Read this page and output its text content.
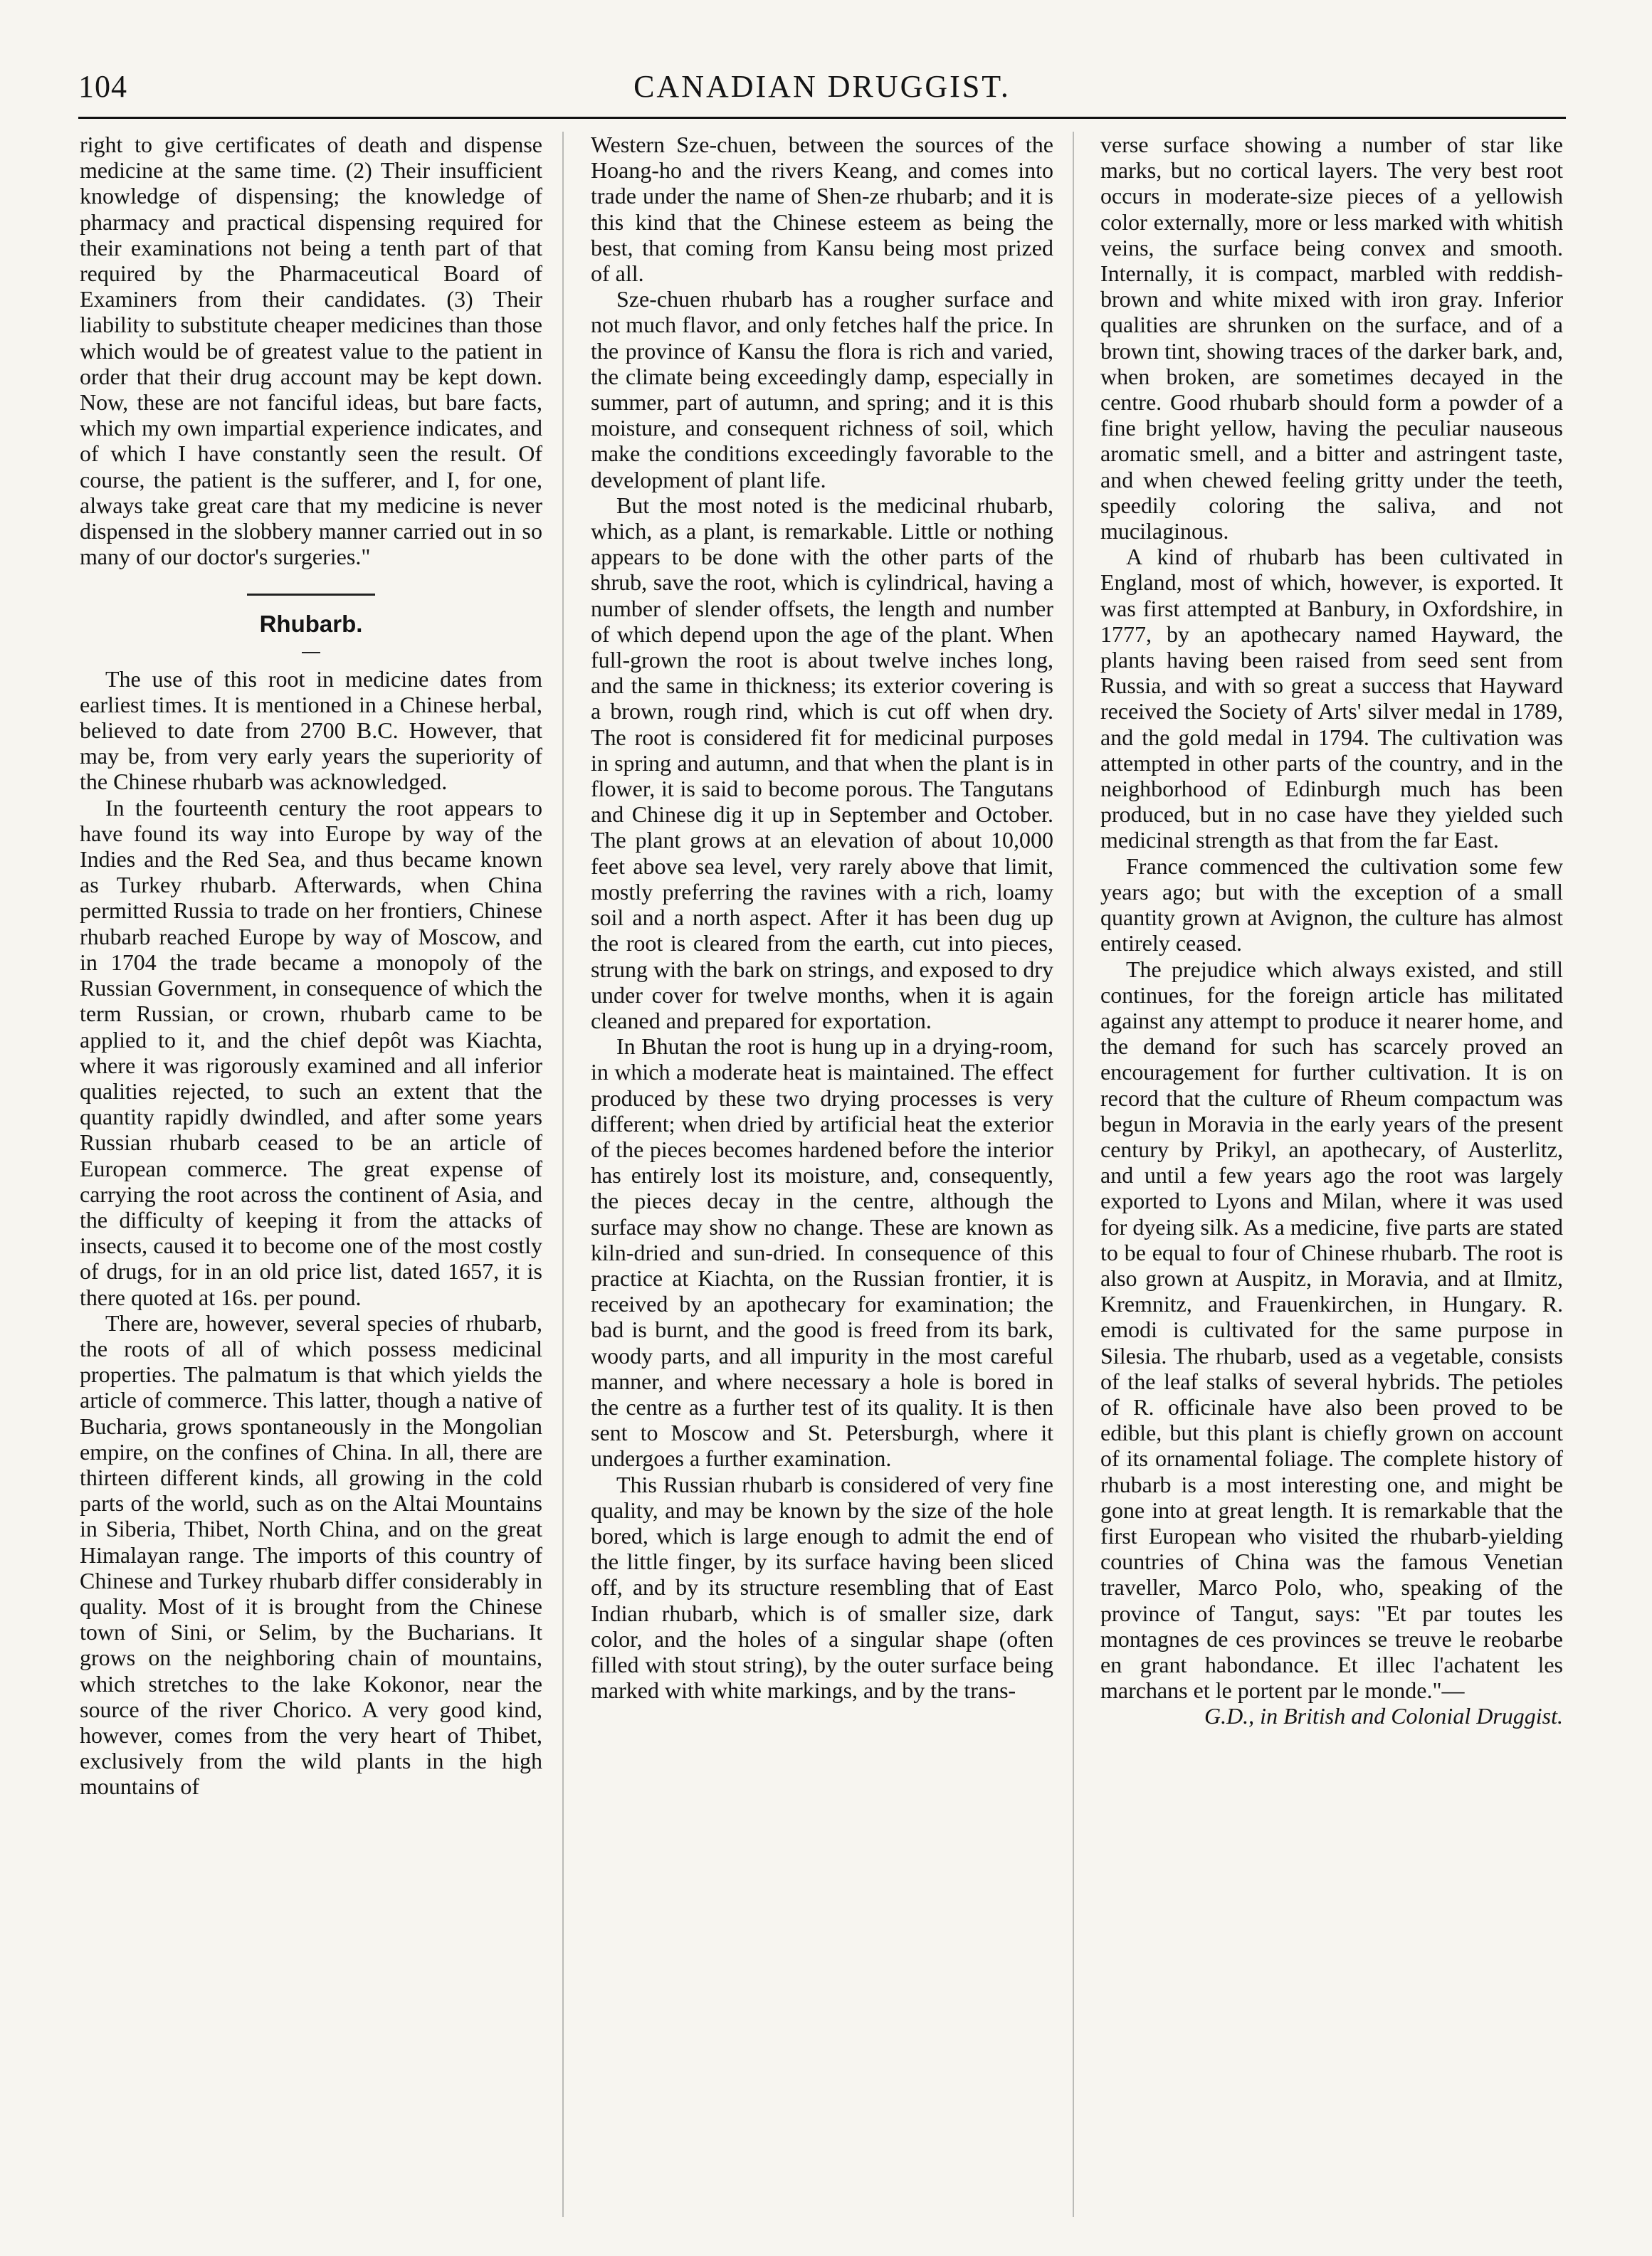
104	CANADIAN DRUGGIST.

right to give certificates of death and dispense medicine at the same time. (2) Their insufficient knowledge of dispensing; the knowledge of pharmacy and practical dispensing required for their examinations not being a tenth part of that required by the Pharmaceutical Board of Examiners from their candidates. (3) Their liability to substitute cheaper medicines than those which would be of greatest value to the patient in order that their drug account may be kept down. Now, these are not fanciful ideas, but bare facts, which my own impartial experience indicates, and of which I have constantly seen the result. Of course, the patient is the sufferer, and I, for one, always take great care that my medicine is never dispensed in the slobbery manner carried out in so many of our doctor's surgeries."

Rhubarb.

The use of this root in medicine dates from earliest times. It is mentioned in a Chinese herbal, believed to date from 2700 B.C. However, that may be, from very early years the superiority of the Chinese rhubarb was acknowledged.

In the fourteenth century the root appears to have found its way into Europe by way of the Indies and the Red Sea, and thus became known as Turkey rhubarb. Afterwards, when China permitted Russia to trade on her frontiers, Chinese rhubarb reached Europe by way of Moscow, and in 1704 the trade became a monopoly of the Russian Government, in consequence of which the term Russian, or crown, rhubarb came to be applied to it, and the chief depôt was Kiachta, where it was rigorously examined and all inferior qualities rejected, to such an extent that the quantity rapidly dwindled, and after some years Russian rhubarb ceased to be an article of European commerce. The great expense of carrying the root across the continent of Asia, and the difficulty of keeping it from the attacks of insects, caused it to become one of the most costly of drugs, for in an old price list, dated 1657, it is there quoted at 16s. per pound.

There are, however, several species of rhubarb, the roots of all of which possess medicinal properties. The palmatum is that which yields the article of commerce. This latter, though a native of Bucharia, grows spontaneously in the Mongolian empire, on the confines of China. In all, there are thirteen different kinds, all growing in the cold parts of the world, such as on the Altai Mountains in Siberia, Thibet, North China, and on the great Himalayan range. The imports of this country of Chinese and Turkey rhubarb differ considerably in quality. Most of it is brought from the Chinese town of Sini, or Selim, by the Bucharians. It grows on the neighboring chain of mountains, which stretches to the lake Kokonor, near the source of the river Chorico. A very good kind, however, comes from the very heart of Thibet, exclusively from the wild plants in the high mountains of

Western Sze-chuen, between the sources of the Hoang-ho and the rivers Keang, and comes into trade under the name of Shen-ze rhubarb; and it is this kind that the Chinese esteem as being the best, that coming from Kansu being most prized of all.

Sze-chuen rhubarb has a rougher surface and not much flavor, and only fetches half the price. In the province of Kansu the flora is rich and varied, the climate being exceedingly damp, especially in summer, part of autumn, and spring; and it is this moisture, and consequent richness of soil, which make the conditions exceedingly favorable to the development of plant life.

But the most noted is the medicinal rhubarb, which, as a plant, is remarkable. Little or nothing appears to be done with the other parts of the shrub, save the root, which is cylindrical, having a number of slender offsets, the length and number of which depend upon the age of the plant. When full-grown the root is about twelve inches long, and the same in thickness; its exterior covering is a brown, rough rind, which is cut off when dry. The root is considered fit for medicinal purposes in spring and autumn, and that when the plant is in flower, it is said to become porous. The Tangutans and Chinese dig it up in September and October. The plant grows at an elevation of about 10,000 feet above sea level, very rarely above that limit, mostly preferring the ravines with a rich, loamy soil and a north aspect. After it has been dug up the root is cleared from the earth, cut into pieces, strung with the bark on strings, and exposed to dry under cover for twelve months, when it is again cleaned and prepared for exportation.

In Bhutan the root is hung up in a drying-room, in which a moderate heat is maintained. The effect produced by these two drying processes is very different; when dried by artificial heat the exterior of the pieces becomes hardened before the interior has entirely lost its moisture, and, consequently, the pieces decay in the centre, although the surface may show no change. These are known as kiln-dried and sun-dried. In consequence of this practice at Kiachta, on the Russian frontier, it is received by an apothecary for examination; the bad is burnt, and the good is freed from its bark, woody parts, and all impurity in the most careful manner, and where necessary a hole is bored in the centre as a further test of its quality. It is then sent to Moscow and St. Petersburgh, where it undergoes a further examination.

This Russian rhubarb is considered of very fine quality, and may be known by the size of the hole bored, which is large enough to admit the end of the little finger, by its surface having been sliced off, and by its structure resembling that of East Indian rhubarb, which is of smaller size, dark color, and the holes of a singular shape (often filled with stout string), by the outer surface being marked with white markings, and by the trans-

verse surface showing a number of star like marks, but no cortical layers. The very best root occurs in moderate-size pieces of a yellowish color externally, more or less marked with whitish veins, the surface being convex and smooth. Internally, it is compact, marbled with reddish-brown and white mixed with iron gray. Inferior qualities are shrunken on the surface, and of a brown tint, showing traces of the darker bark, and, when broken, are sometimes decayed in the centre. Good rhubarb should form a powder of a fine bright yellow, having the peculiar nauseous aromatic smell, and a bitter and astringent taste, and when chewed feeling gritty under the teeth, speedily coloring the saliva, and not mucilaginous.

A kind of rhubarb has been cultivated in England, most of which, however, is exported. It was first attempted at Banbury, in Oxfordshire, in 1777, by an apothecary named Hayward, the plants having been raised from seed sent from Russia, and with so great a success that Hayward received the Society of Arts' silver medal in 1789, and the gold medal in 1794. The cultivation was attempted in other parts of the country, and in the neighborhood of Edinburgh much has been produced, but in no case have they yielded such medicinal strength as that from the far East.

France commenced the cultivation some few years ago; but with the exception of a small quantity grown at Avignon, the culture has almost entirely ceased.

The prejudice which always existed, and still continues, for the foreign article has militated against any attempt to produce it nearer home, and the demand for such has scarcely proved an encouragement for further cultivation. It is on record that the culture of Rheum compactum was begun in Moravia in the early years of the present century by Prikyl, an apothecary, of Austerlitz, and until a few years ago the root was largely exported to Lyons and Milan, where it was used for dyeing silk. As a medicine, five parts are stated to be equal to four of Chinese rhubarb. The root is also grown at Auspitz, in Moravia, and at Ilmitz, Kremnitz, and Frauenkirchen, in Hungary. R. emodi is cultivated for the same purpose in Silesia. The rhubarb, used as a vegetable, consists of the leaf stalks of several hybrids. The petioles of R. officinale have also been proved to be edible, but this plant is chiefly grown on account of its ornamental foliage. The complete history of rhubarb is a most interesting one, and might be gone into at great length. It is remarkable that the first European who visited the rhubarb-yielding countries of China was the famous Venetian traveller, Marco Polo, who, speaking of the province of Tangut, says: "Et par toutes les montagnes de ces provinces se treuve le reobarbe en grant habondance. Et illec l'achatent les marchans et le portent par le monde."—

G.D., in British and Colonial Druggist.
